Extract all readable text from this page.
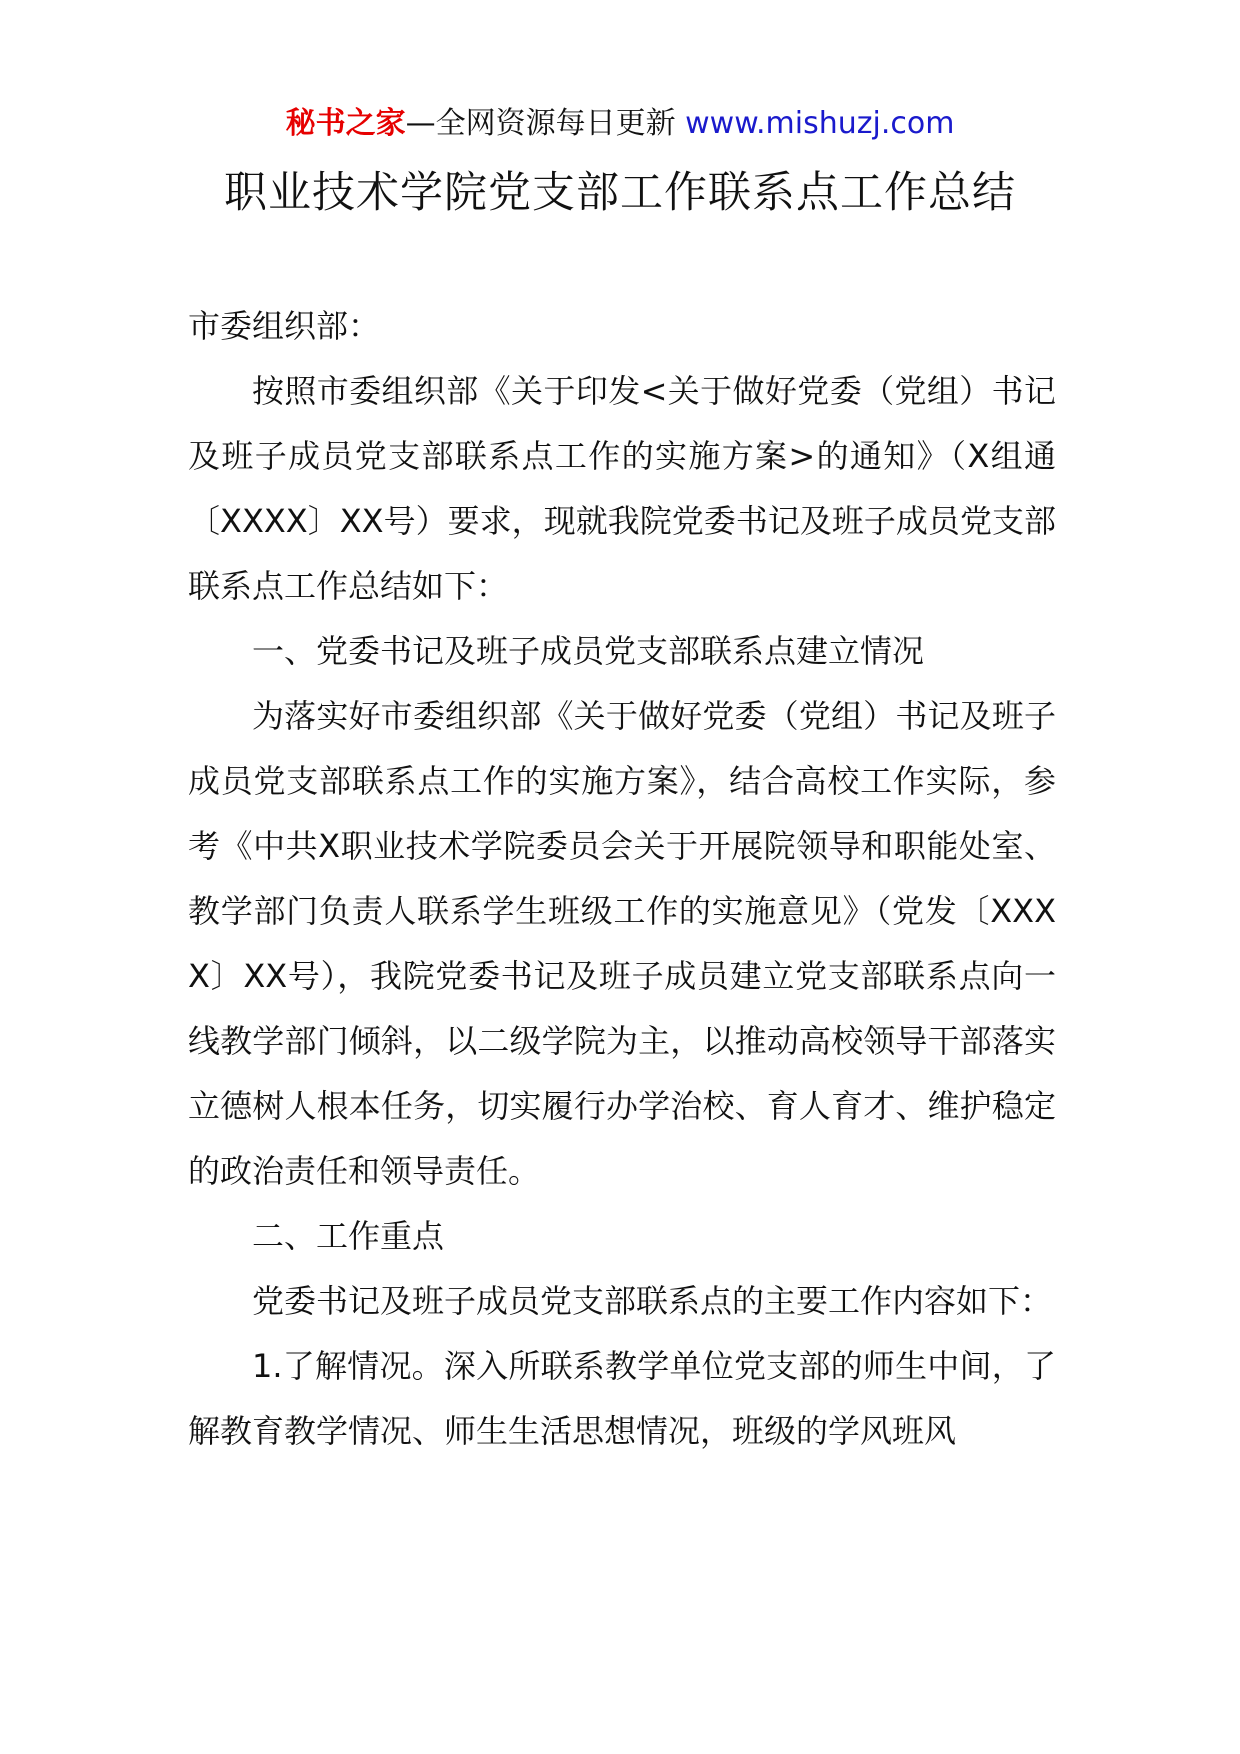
秘书之家—全网资源每日更新 www.mishuzj.com
职业技术学院党支部工作联系点工作总结

市委组织部：

按照市委组织部《关于印发<关于做好党委（党组）书记及班子成员党支部联系点工作的实施方案>的通知》（X组通〔XXXX〕XX号）要求，现就我院党委书记及班子成员党支部联系点工作总结如下：

一、党委书记及班子成员党支部联系点建立情况

为落实好市委组织部《关于做好党委（党组）书记及班子成员党支部联系点工作的实施方案》，结合高校工作实际，参考《中共X职业技术学院委员会关于开展院领导和职能处室、教学部门负责人联系学生班级工作的实施意见》（党发〔XXXX〕XX号），我院党委书记及班子成员建立党支部联系点向一线教学部门倾斜，以二级学院为主，以推动高校领导干部落实立德树人根本任务，切实履行办学治校、育人育才、维护稳定的政治责任和领导责任。

二、工作重点

党委书记及班子成员党支部联系点的主要工作内容如下：

1.了解情况。深入所联系教学单位党支部的师生中间，了解教育教学情况、师生生活思想情况，班级的学风班风
